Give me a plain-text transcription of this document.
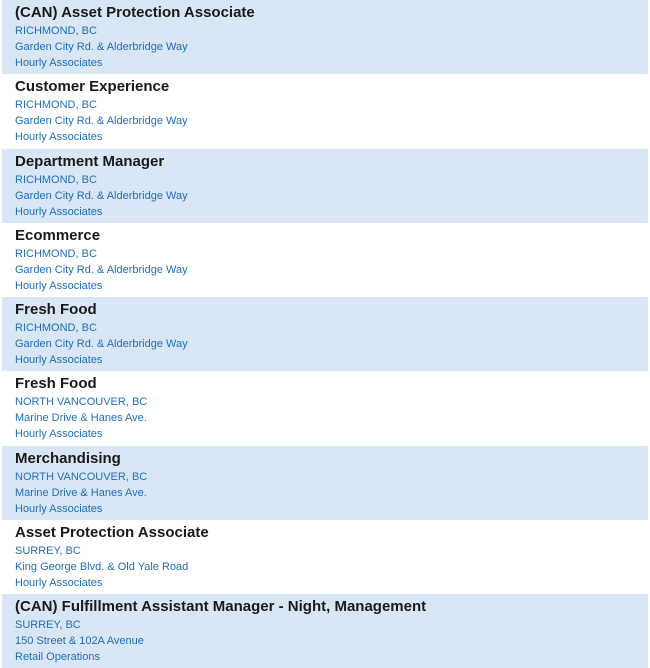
(CAN) Asset Protection Associate
RICHMOND, BC
Garden City Rd. & Alderbridge Way
Hourly Associates
Customer Experience
RICHMOND, BC
Garden City Rd. & Alderbridge Way
Hourly Associates
Department Manager
RICHMOND, BC
Garden City Rd. & Alderbridge Way
Hourly Associates
Ecommerce
RICHMOND, BC
Garden City Rd. & Alderbridge Way
Hourly Associates
Fresh Food
RICHMOND, BC
Garden City Rd. & Alderbridge Way
Hourly Associates
Fresh Food
NORTH VANCOUVER, BC
Marine Drive & Hanes Ave.
Hourly Associates
Merchandising
NORTH VANCOUVER, BC
Marine Drive & Hanes Ave.
Hourly Associates
Asset Protection Associate
SURREY, BC
King George Blvd. & Old Yale Road
Hourly Associates
(CAN) Fulfillment Assistant Manager - Night, Management
SURREY, BC
150 Street & 102A Avenue
Retail Operations
